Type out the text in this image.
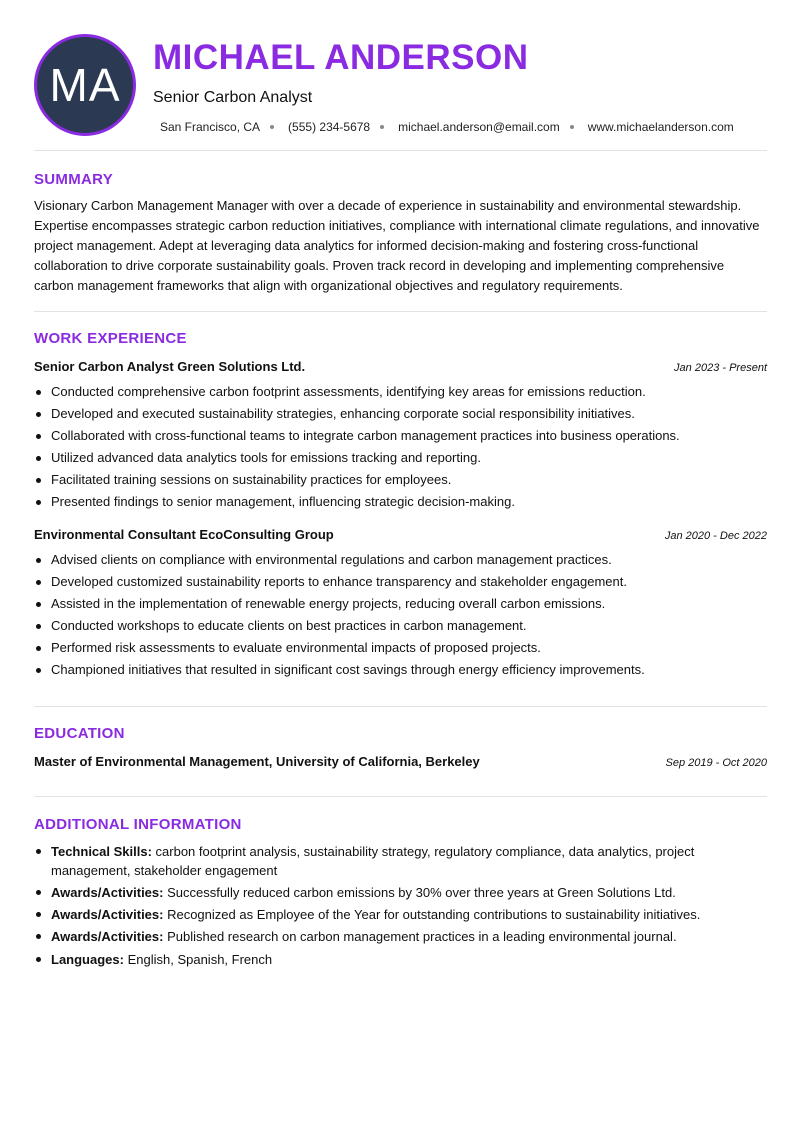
MA
MICHAEL ANDERSON
Senior Carbon Analyst
San Francisco, CA (555) 234-5678 michael.anderson@email.com www.michaelanderson.com
SUMMARY

Visionary Carbon Management Manager with over a decade of experience in sustainability and environmental stewardship. Expertise encompasses strategic carbon reduction initiatives, compliance with international climate regulations, and innovative project management. Adept at leveraging data analytics for informed decision-making and fostering cross-functional collaboration to drive corporate sustainability goals. Proven track record in developing and implementing comprehensive carbon management frameworks that align with organizational objectives and regulatory requirements.

WORK EXPERIENCE
Senior Carbon Analyst Green Solutions Ltd.	Jan 2023 - Present
Conducted comprehensive carbon footprint assessments, identifying key areas for emissions reduction.
Developed and executed sustainability strategies, enhancing corporate social responsibility initiatives.
Collaborated with cross-functional teams to integrate carbon management practices into business operations.
Utilized advanced data analytics tools for emissions tracking and reporting.
Facilitated training sessions on sustainability practices for employees.
Presented findings to senior management, influencing strategic decision-making.
Environmental Consultant EcoConsulting Group	Jan 2020 - Dec 2022
Advised clients on compliance with environmental regulations and carbon management practices.
Developed customized sustainability reports to enhance transparency and stakeholder engagement.
Assisted in the implementation of renewable energy projects, reducing overall carbon emissions.
Conducted workshops to educate clients on best practices in carbon management.
Performed risk assessments to evaluate environmental impacts of proposed projects.
Championed initiatives that resulted in significant cost savings through energy efficiency improvements.
EDUCATION
Master of Environmental Management, University of California, Berkeley	Sep 2019 - Oct 2020
ADDITIONAL INFORMATION
Technical Skills: carbon footprint analysis, sustainability strategy, regulatory compliance, data analytics, project management, stakeholder engagement
Awards/Activities: Successfully reduced carbon emissions by 30% over three years at Green Solutions Ltd.
Awards/Activities: Recognized as Employee of the Year for outstanding contributions to sustainability initiatives.
Awards/Activities: Published research on carbon management practices in a leading environmental journal.
Languages: English, Spanish, French
